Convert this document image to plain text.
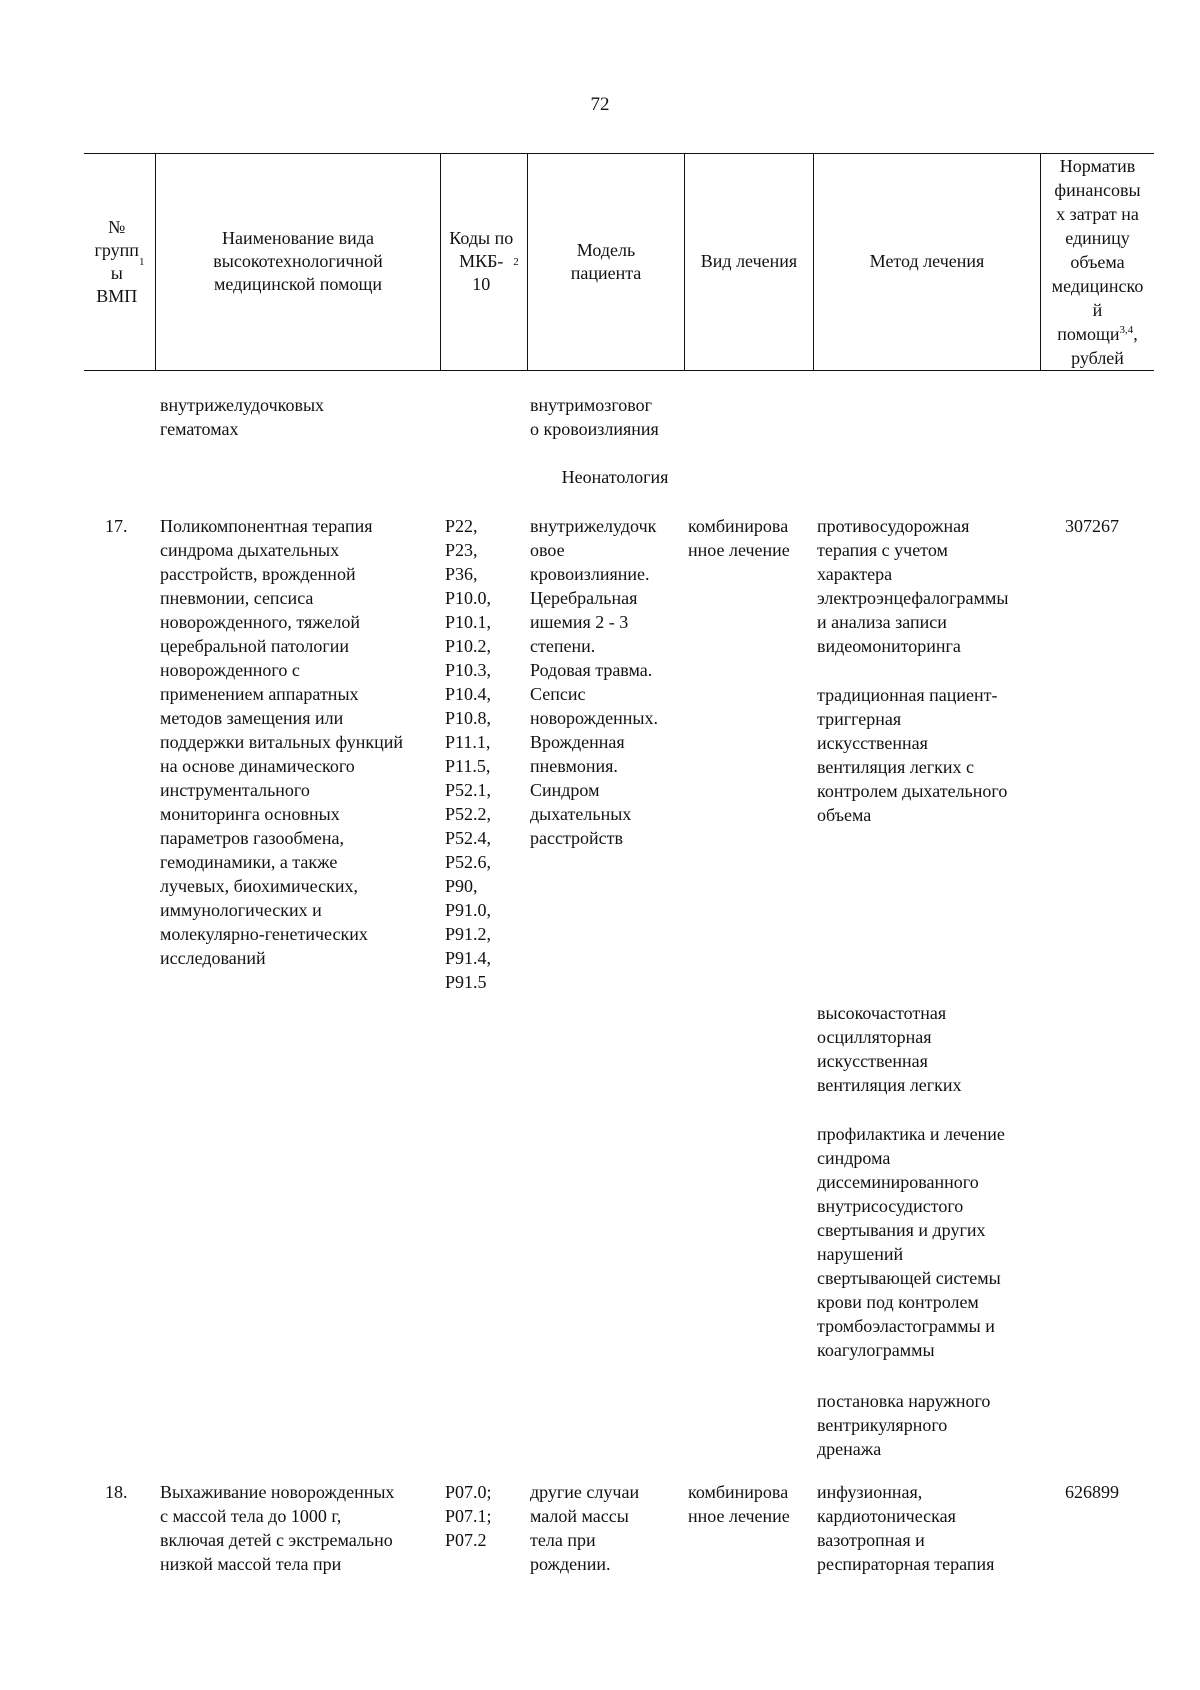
72
№
групп
ы
ВМП
1
Наименование вида
высокотехнологичной
медицинской помощи
Коды по
МКБ-
10
2
Модель
пациента
Вид лечения	Метод лечения
Норматив
финансовы
х затрат на
единицу
объема
медицинско
й
помощи$^{3,4}$,
рублей
внутрижелудочковых
гематомах
внутримозговог
о кровоизлияния
Неонатология
17. Поликомпонентная терапия
синдрома дыхательных
расстройств, врожденной
пневмонии, сепсиса
новорожденного, тяжелой
церебральной патологии
новорожденного с
применением аппаратных
методов замещения или
поддержки витальных функций
на основе динамического
инструментального
мониторинга основных
параметров газообмена,
гемодинамики, а также
лучевых, биохимических,
иммунологических и
молекулярно-генетических
исследований
P22,
P23,
P36,
P10.0,
P10.1,
P10.2,
P10.3,
P10.4,
P10.8,
P11.1,
P11.5,
P52.1,
P52.2,
P52.4,
P52.6,
P90,
P91.0,
P91.2,
P91.4,
P91.5
внутрижелудочк
овое
кровоизлияние.
Церебральная
ишемия 2 - 3
степени.
Родовая травма.
Сепсис
новорожденных.
Врожденная
пневмония.
Синдром
дыхательных
расстройств
комбинирова
нное лечение
противосудорожная
терапия с учетом
характера
электроэнцефалограммы
и анализа записи
видеомониторинга
традиционная пациент-
триггерная
искусственная
вентиляция легких с
контролем дыхательного
объема
высокочастотная
осцилляторная
искусственная
вентиляция легких
профилактика и лечение
синдрома
диссеминированного
внутрисосудистого
свертывания и других
нарушений
свертывающей системы
крови под контролем
тромбоэластограммы и
коагулограммы
постановка наружного
вентрикулярного
дренажа
307267
18. Выхаживание новорожденных
с массой тела до 1000 г,
включая детей с экстремально
низкой массой тела при
P07.0;
P07.1;
P07.2
другие случаи
малой массы
тела при
рождении.
комбинирова
нное лечение
инфузионная,
кардиотоническая
вазотропная и
респираторная терапия
626899
